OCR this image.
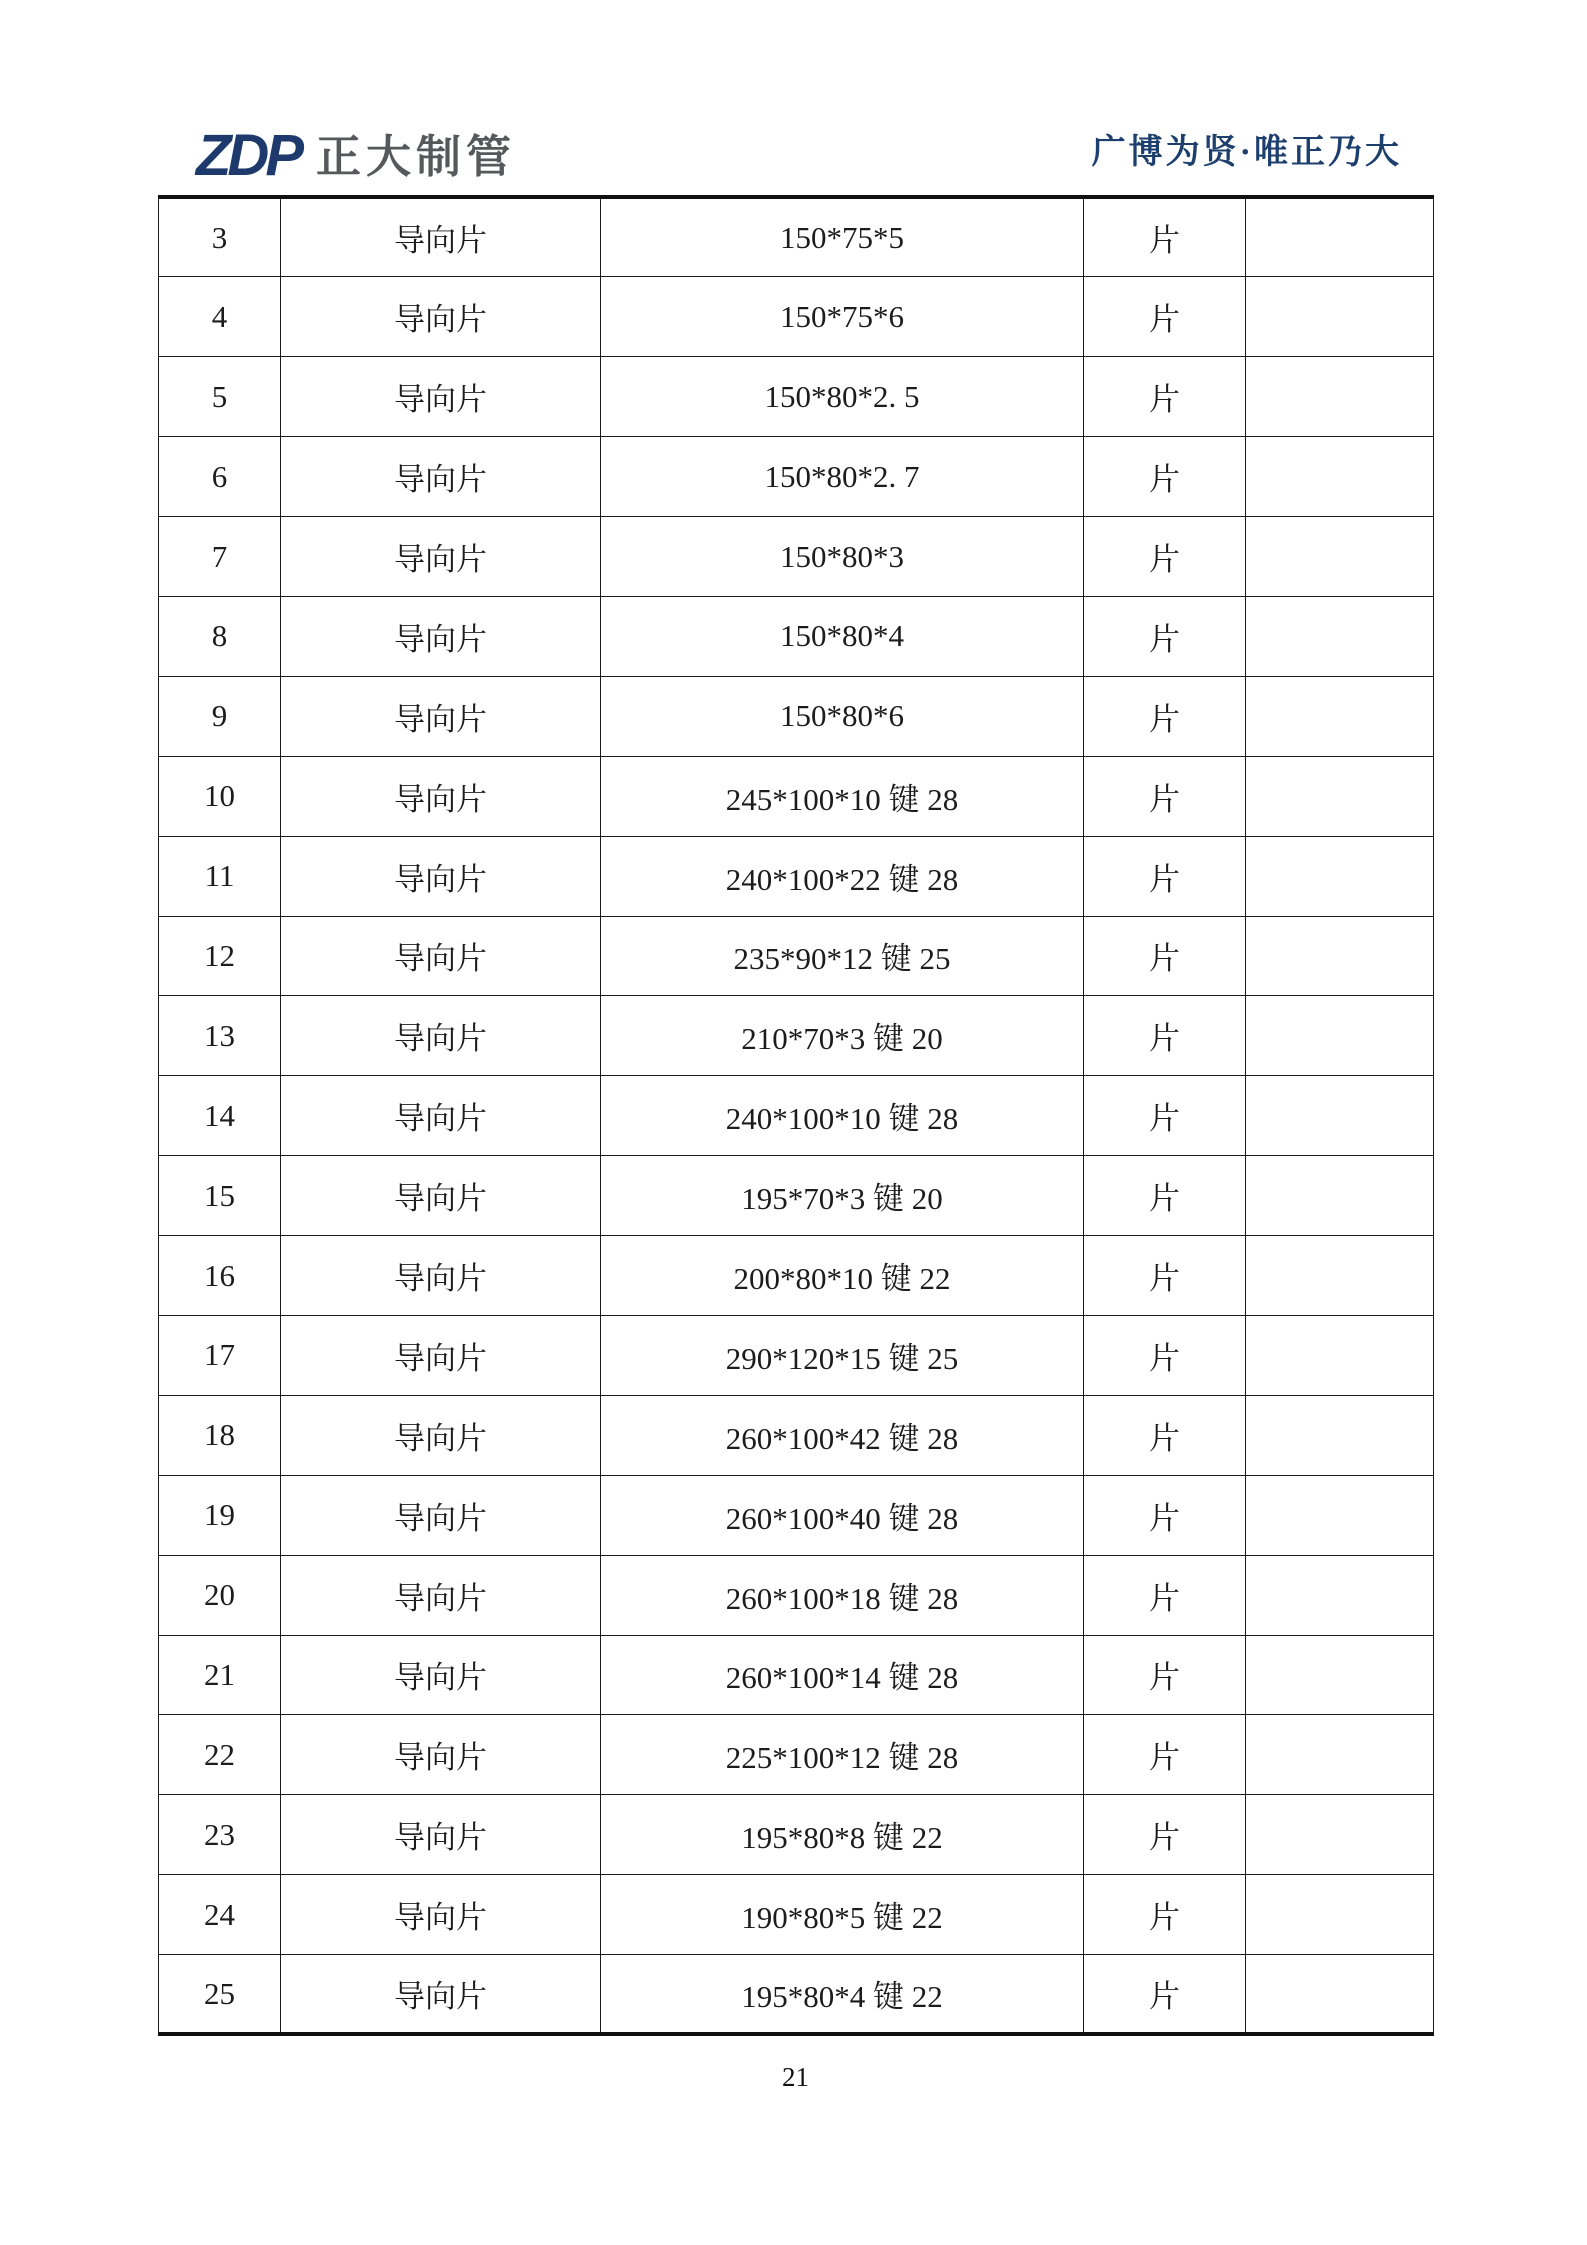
ZDP 正大制管	广博为贤·唯正乃大
3	导向片	150*75*5	片	
4	导向片	150*75*6	片	
5	导向片	150*80*2. 5	片	
6	导向片	150*80*2. 7	片	
7	导向片	150*80*3	片	
8	导向片	150*80*4	片	
9	导向片	150*80*6	片	
10	导向片	245*100*10 键 28	片	
11	导向片	240*100*22 键 28	片	
12	导向片	235*90*12 键 25	片	
13	导向片	210*70*3 键 20	片	
14	导向片	240*100*10 键 28	片	
15	导向片	195*70*3 键 20	片	
16	导向片	200*80*10 键 22	片	
17	导向片	290*120*15 键 25	片	
18	导向片	260*100*42 键 28	片	
19	导向片	260*100*40 键 28	片	
20	导向片	260*100*18 键 28	片	
21	导向片	260*100*14 键 28	片	
22	导向片	225*100*12 键 28	片	
23	导向片	195*80*8 键 22	片	
24	导向片	190*80*5 键 22	片	
25	导向片	195*80*4 键 22	片	
21
